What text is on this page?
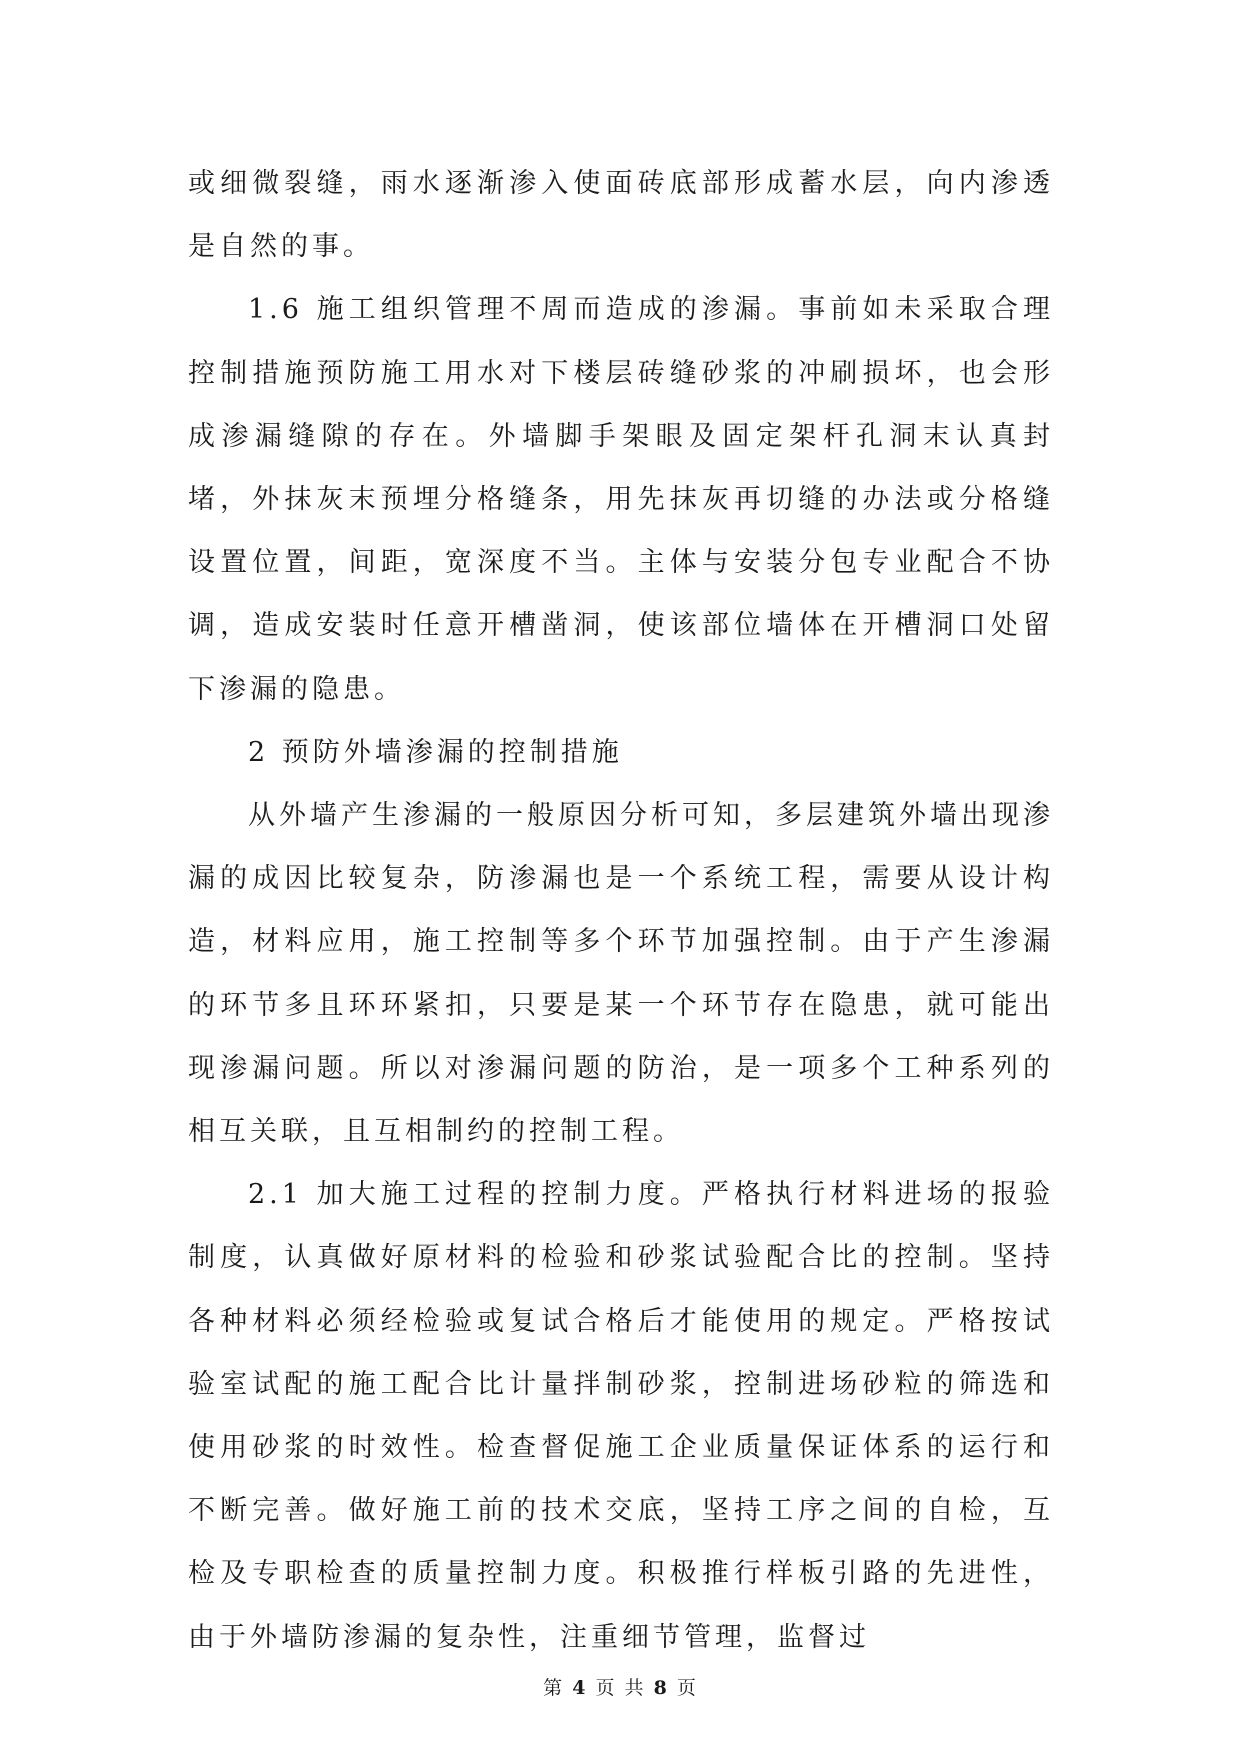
或细微裂缝，雨水逐渐渗入使面砖底部形成蓄水层，向内渗透是自然的事。

1.6 施工组织管理不周而造成的渗漏。事前如未采取合理控制措施预防施工用水对下楼层砖缝砂浆的冲刷损坏，也会形成渗漏缝隙的存在。外墙脚手架眼及固定架杆孔洞末认真封堵，外抹灰末预埋分格缝条，用先抹灰再切缝的办法或分格缝设置位置，间距，宽深度不当。主体与安装分包专业配合不协调，造成安装时任意开槽凿洞，使该部位墙体在开槽洞口处留下渗漏的隐患。

2 预防外墙渗漏的控制措施

从外墙产生渗漏的一般原因分析可知，多层建筑外墙出现渗漏的成因比较复杂，防渗漏也是一个系统工程，需要从设计构造，材料应用，施工控制等多个环节加强控制。由于产生渗漏的环节多且环环紧扣，只要是某一个环节存在隐患，就可能出现渗漏问题。所以对渗漏问题的防治，是一项多个工种系列的相互关联，且互相制约的控制工程。

2.1 加大施工过程的控制力度。严格执行材料进场的报验制度，认真做好原材料的检验和砂浆试验配合比的控制。坚持各种材料必须经检验或复试合格后才能使用的规定。严格按试验室试配的施工配合比计量拌制砂浆，控制进场砂粒的筛选和使用砂浆的时效性。检查督促施工企业质量保证体系的运行和不断完善。做好施工前的技术交底，坚持工序之间的自检，互检及专职检查的质量控制力度。积极推行样板引路的先进性，由于外墙防渗漏的复杂性，注重细节管理，监督过

第 4 页 共 8 页
